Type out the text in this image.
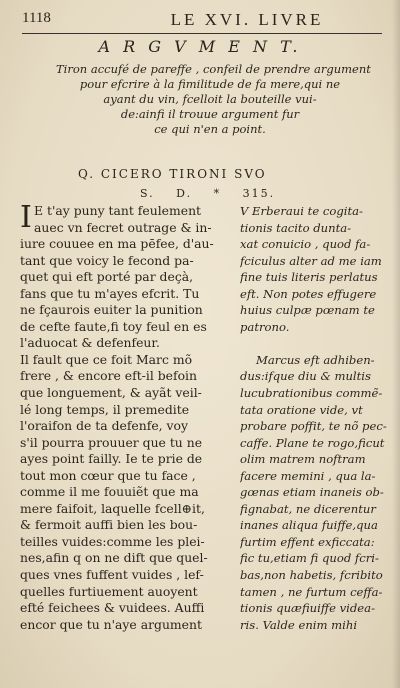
1118	LE XVI. LIVRE
A R G V M E N T.
Tiron accufé de pareffe , confeil de prendre argument
pour efcrire à la fimilitude de fa mere,qui ne
ayant du vin, fcelloit la bouteille vui-
de:ainfi il trouue argument fur
ce qui n'en a point.
Q. CICERO TIRONI SVO
S. D. * 315.
I E t'ay puny tant feulement
auec vn fecret outrage & in-
iure couuee en ma pēfee, d'au-
tant que voicy le fecond pa-
quet qui eft porté par deçà,
fans que tu m'ayes efcrit. Tu
ne fçaurois euiter la punition
de cefte faute,fi toy feul en es
l'aduocat & defenfeur.
Il fault que ce foit Marc mõ
frere , & encore eft-il befoin
que longuement, & ayãt veil-
lé long temps, il premedite
l'oraifon de ta defenfe, voy
s'il pourra prouuer que tu ne
ayes point failly. Ie te prie de
tout mon cœur que tu face ,
comme il me fouuiẽt que ma
mere faifoit, laquelle fcell⊕it,
& fermoit auffi bien les bou-
teilles vuides:comme les plei-
nes,afin q on ne dift que quel-
ques vnes fuffent vuides , lef-
quelles furtiuement auoyent
efté feichees & vuidees. Auffi
encor que tu n'aye argument
V Erberaui te cogita-
tionis tacito dunta-
xat conuicio , quod fa-
fciculus alter ad me iam
fine tuis literis perlatus
eft. Non potes effugere
huius culpæ pœnam te
patrono.
Marcus eft adhiben-
dus:ifque diu & multis
lucubrationibus commẽ-
tata oratione vide, vt
probare poffit, te nõ pec-
caffe. Plane te rogo,ficut
olim matrem noftram
facere memini , qua la-
gœnas etiam inaneis ob-
fignabat, ne dicerentur
inanes aliqua fuiffe,qua
furtim effent exficcata:
fic tu,etiam fi quod fcri-
bas,non habetis, fcribito
tamen , ne furtum ceffa-
tionis quæfiuiffe videa-
ris. Valde enim mihi
